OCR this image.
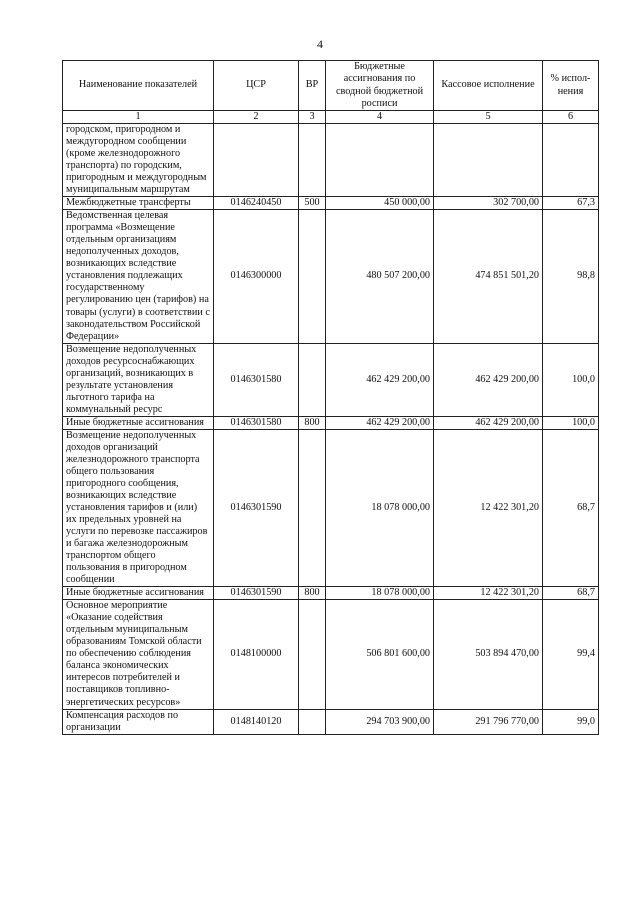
4
Наименование показателей	ЦСР	ВР	Бюджетные ассигнования по сводной бюджетной росписи	Кассовое исполнение	% испол-нения
1	2	3	4	5	6
городском, пригородном и междугородном сообщении (кроме железнодорожного транспорта) по городским, пригородным и междугородным муниципальным маршрутам					
Межбюджетные трансферты	0146240450	500	450 000,00	302 700,00	67,3
Ведомственная целевая программа «Возмещение отдельным организациям недополученных доходов, возникающих вследствие установления подлежащих государственному регулированию цен (тарифов) на товары (услуги) в соответствии с законодательством Российской Федерации»	0146300000		480 507 200,00	474 851 501,20	98,8
Возмещение недополученных доходов ресурсоснабжающих организаций, возникающих в результате установления льготного тарифа на коммунальный ресурс	0146301580		462 429 200,00	462 429 200,00	100,0
Иные бюджетные ассигнования	0146301580	800	462 429 200,00	462 429 200,00	100,0
Возмещение недополученных доходов организаций железнодорожного транспорта общего пользования пригородного сообщения, возникающих вследствие установления тарифов и (или) их предельных уровней на услуги по перевозке пассажиров и багажа железнодорожным транспортом общего пользования в пригородном сообщении	0146301590		18 078 000,00	12 422 301,20	68,7
Иные бюджетные ассигнования	0146301590	800	18 078 000,00	12 422 301,20	68,7
Основное мероприятие «Оказание содействия отдельным муниципальным образованиям Томской области по обеспечению соблюдения баланса экономических интересов потребителей и поставщиков топливно-энергетических ресурсов»	0148100000		506 801 600,00	503 894 470,00	99,4
Компенсация расходов по организации	0148140120		294 703 900,00	291 796 770,00	99,0
